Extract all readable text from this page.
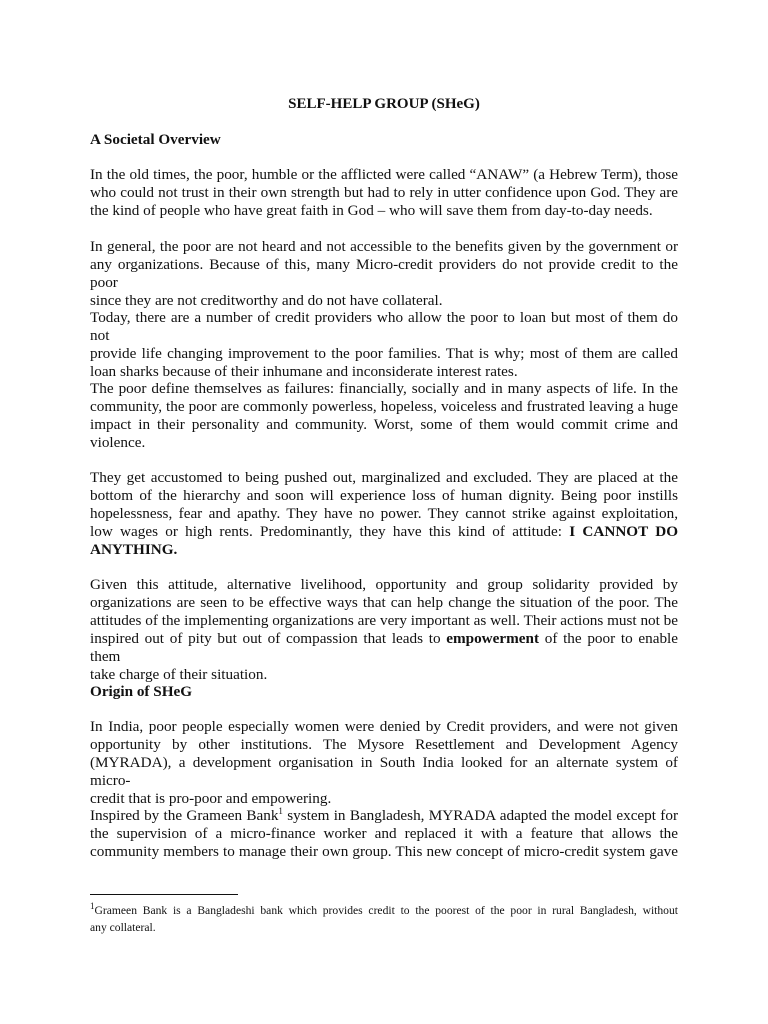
SELF-HELP GROUP (SHeG)
A Societal Overview
In the old times, the poor, humble or the afflicted were called “ANAW” (a Hebrew Term), those
who could not trust in their own strength but had to rely in utter confidence upon God. They are
the kind of people who have great faith in God – who will save them from day-to-day needs.
In general, the poor are not heard and not accessible to the benefits given by the government or
any organizations. Because of this, many Micro-credit providers do not provide credit to the poor
since they are not creditworthy and do not have collateral.
Today, there are a number of credit providers who allow the poor to loan but most of them do not
provide life changing improvement to the poor families. That is why; most of them are called
loan sharks because of their inhumane and inconsiderate interest rates.
The poor define themselves as failures: financially, socially and in many aspects of life. In the
community, the poor are commonly powerless, hopeless, voiceless and frustrated leaving a huge
impact in their personality and community. Worst, some of them would commit crime and
violence.
They get accustomed to being pushed out, marginalized and excluded. They are placed at the
bottom of the hierarchy and soon will experience loss of human dignity. Being poor instills
hopelessness, fear and apathy. They have no power. They cannot strike against exploitation,
low wages or high rents. Predominantly, they have this kind of attitude: I CANNOT DO
ANYTHING.
Given this attitude, alternative livelihood, opportunity and group solidarity provided by
organizations are seen to be effective ways that can help change the situation of the poor. The
attitudes of the implementing organizations are very important as well. Their actions must not be
inspired out of pity but out of compassion that leads to empowerment of the poor to enable them
take charge of their situation.
Origin of SHeG
In India, poor people especially women were denied by Credit providers, and were not given
opportunity by other institutions. The Mysore Resettlement and Development Agency
(MYRADA), a development organisation in South India looked for an alternate system of micro-
credit that is pro-poor and empowering.
Inspired by the Grameen Bank$^1$ system in Bangladesh, MYRADA adapted the model except for
the supervision of a micro-finance worker and replaced it with a feature that allows the
community members to manage their own group. This new concept of micro-credit system gave
$^1$Grameen Bank is a Bangladeshi bank which provides credit to the poorest of the poor in rural Bangladesh, without
any collateral.
